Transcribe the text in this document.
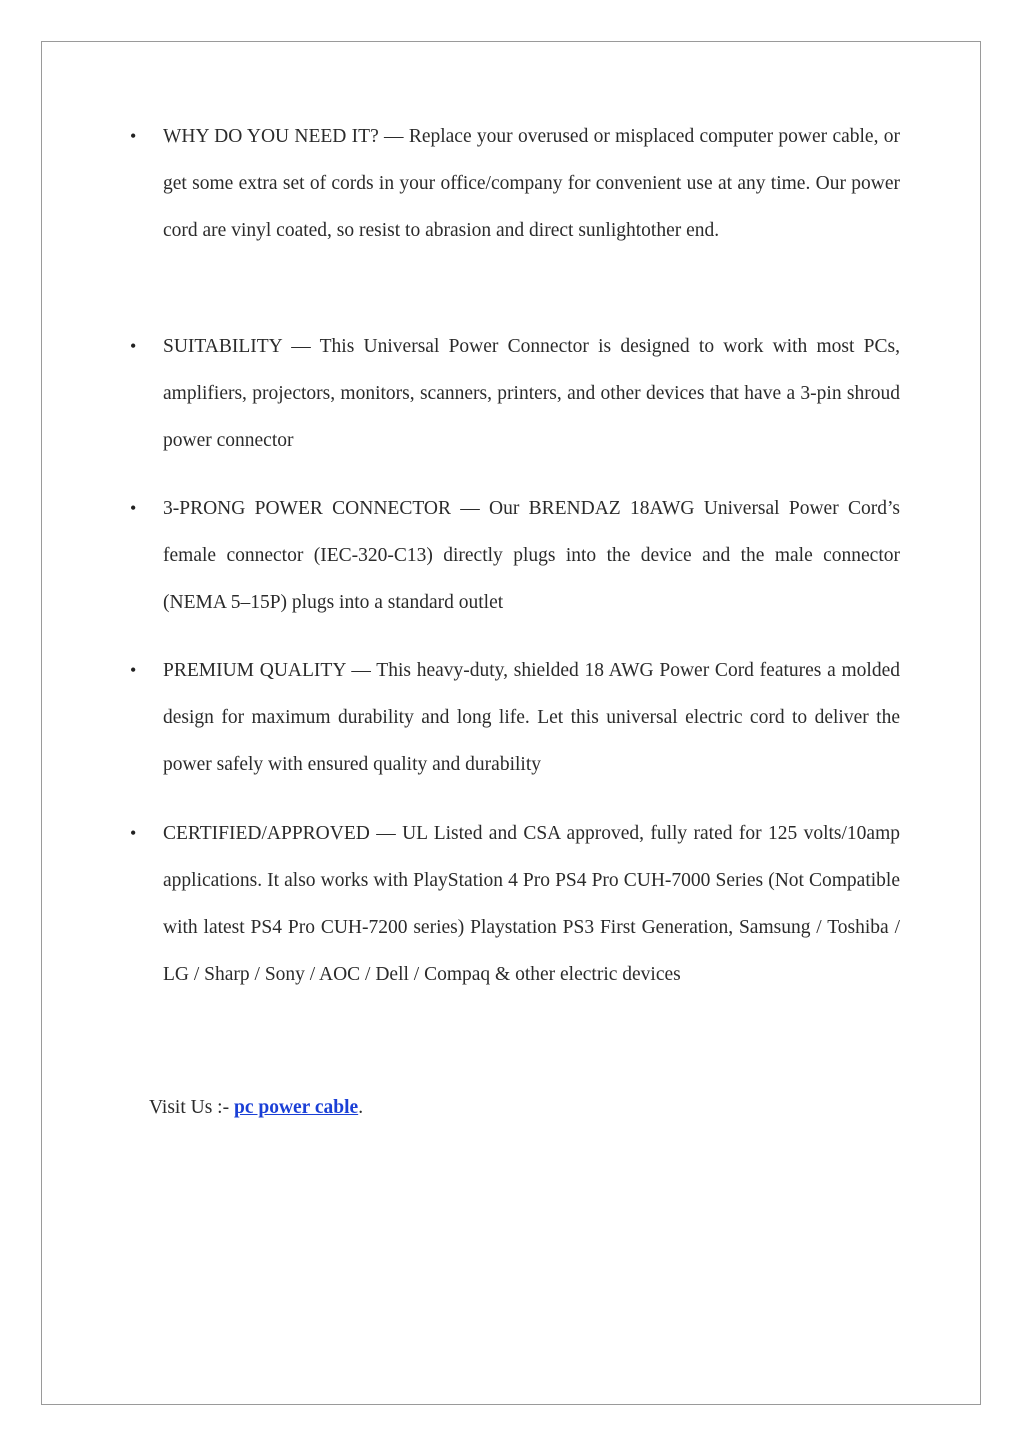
• WHY DO YOU NEED IT? — Replace your overused or misplaced computer power cable, or get some extra set of cords in your office/company for convenient use at any time. Our power cord are vinyl coated, so resist to abrasion and direct sunlightother end.

• SUITABILITY — This Universal Power Connector is designed to work with most PCs, amplifiers, projectors, monitors, scanners, printers, and other devices that have a 3-pin shroud power connector

• 3-PRONG POWER CONNECTOR — Our BRENDAZ 18AWG Universal Power Cord’s female connector (IEC-320-C13) directly plugs into the device and the male connector (NEMA 5–15P) plugs into a standard outlet

• PREMIUM QUALITY — This heavy-duty, shielded 18 AWG Power Cord features a molded design for maximum durability and long life. Let this universal electric cord to deliver the power safely with ensured quality and durability

• CERTIFIED/APPROVED — UL Listed and CSA approved, fully rated for 125 volts/10amp applications. It also works with PlayStation 4 Pro PS4 Pro CUH-7000 Series (Not Compatible with latest PS4 Pro CUH-7200 series) Playstation PS3 First Generation, Samsung / Toshiba / LG / Sharp / Sony / AOC / Dell / Compaq & other electric devices

Visit Us :- pc power cable.
